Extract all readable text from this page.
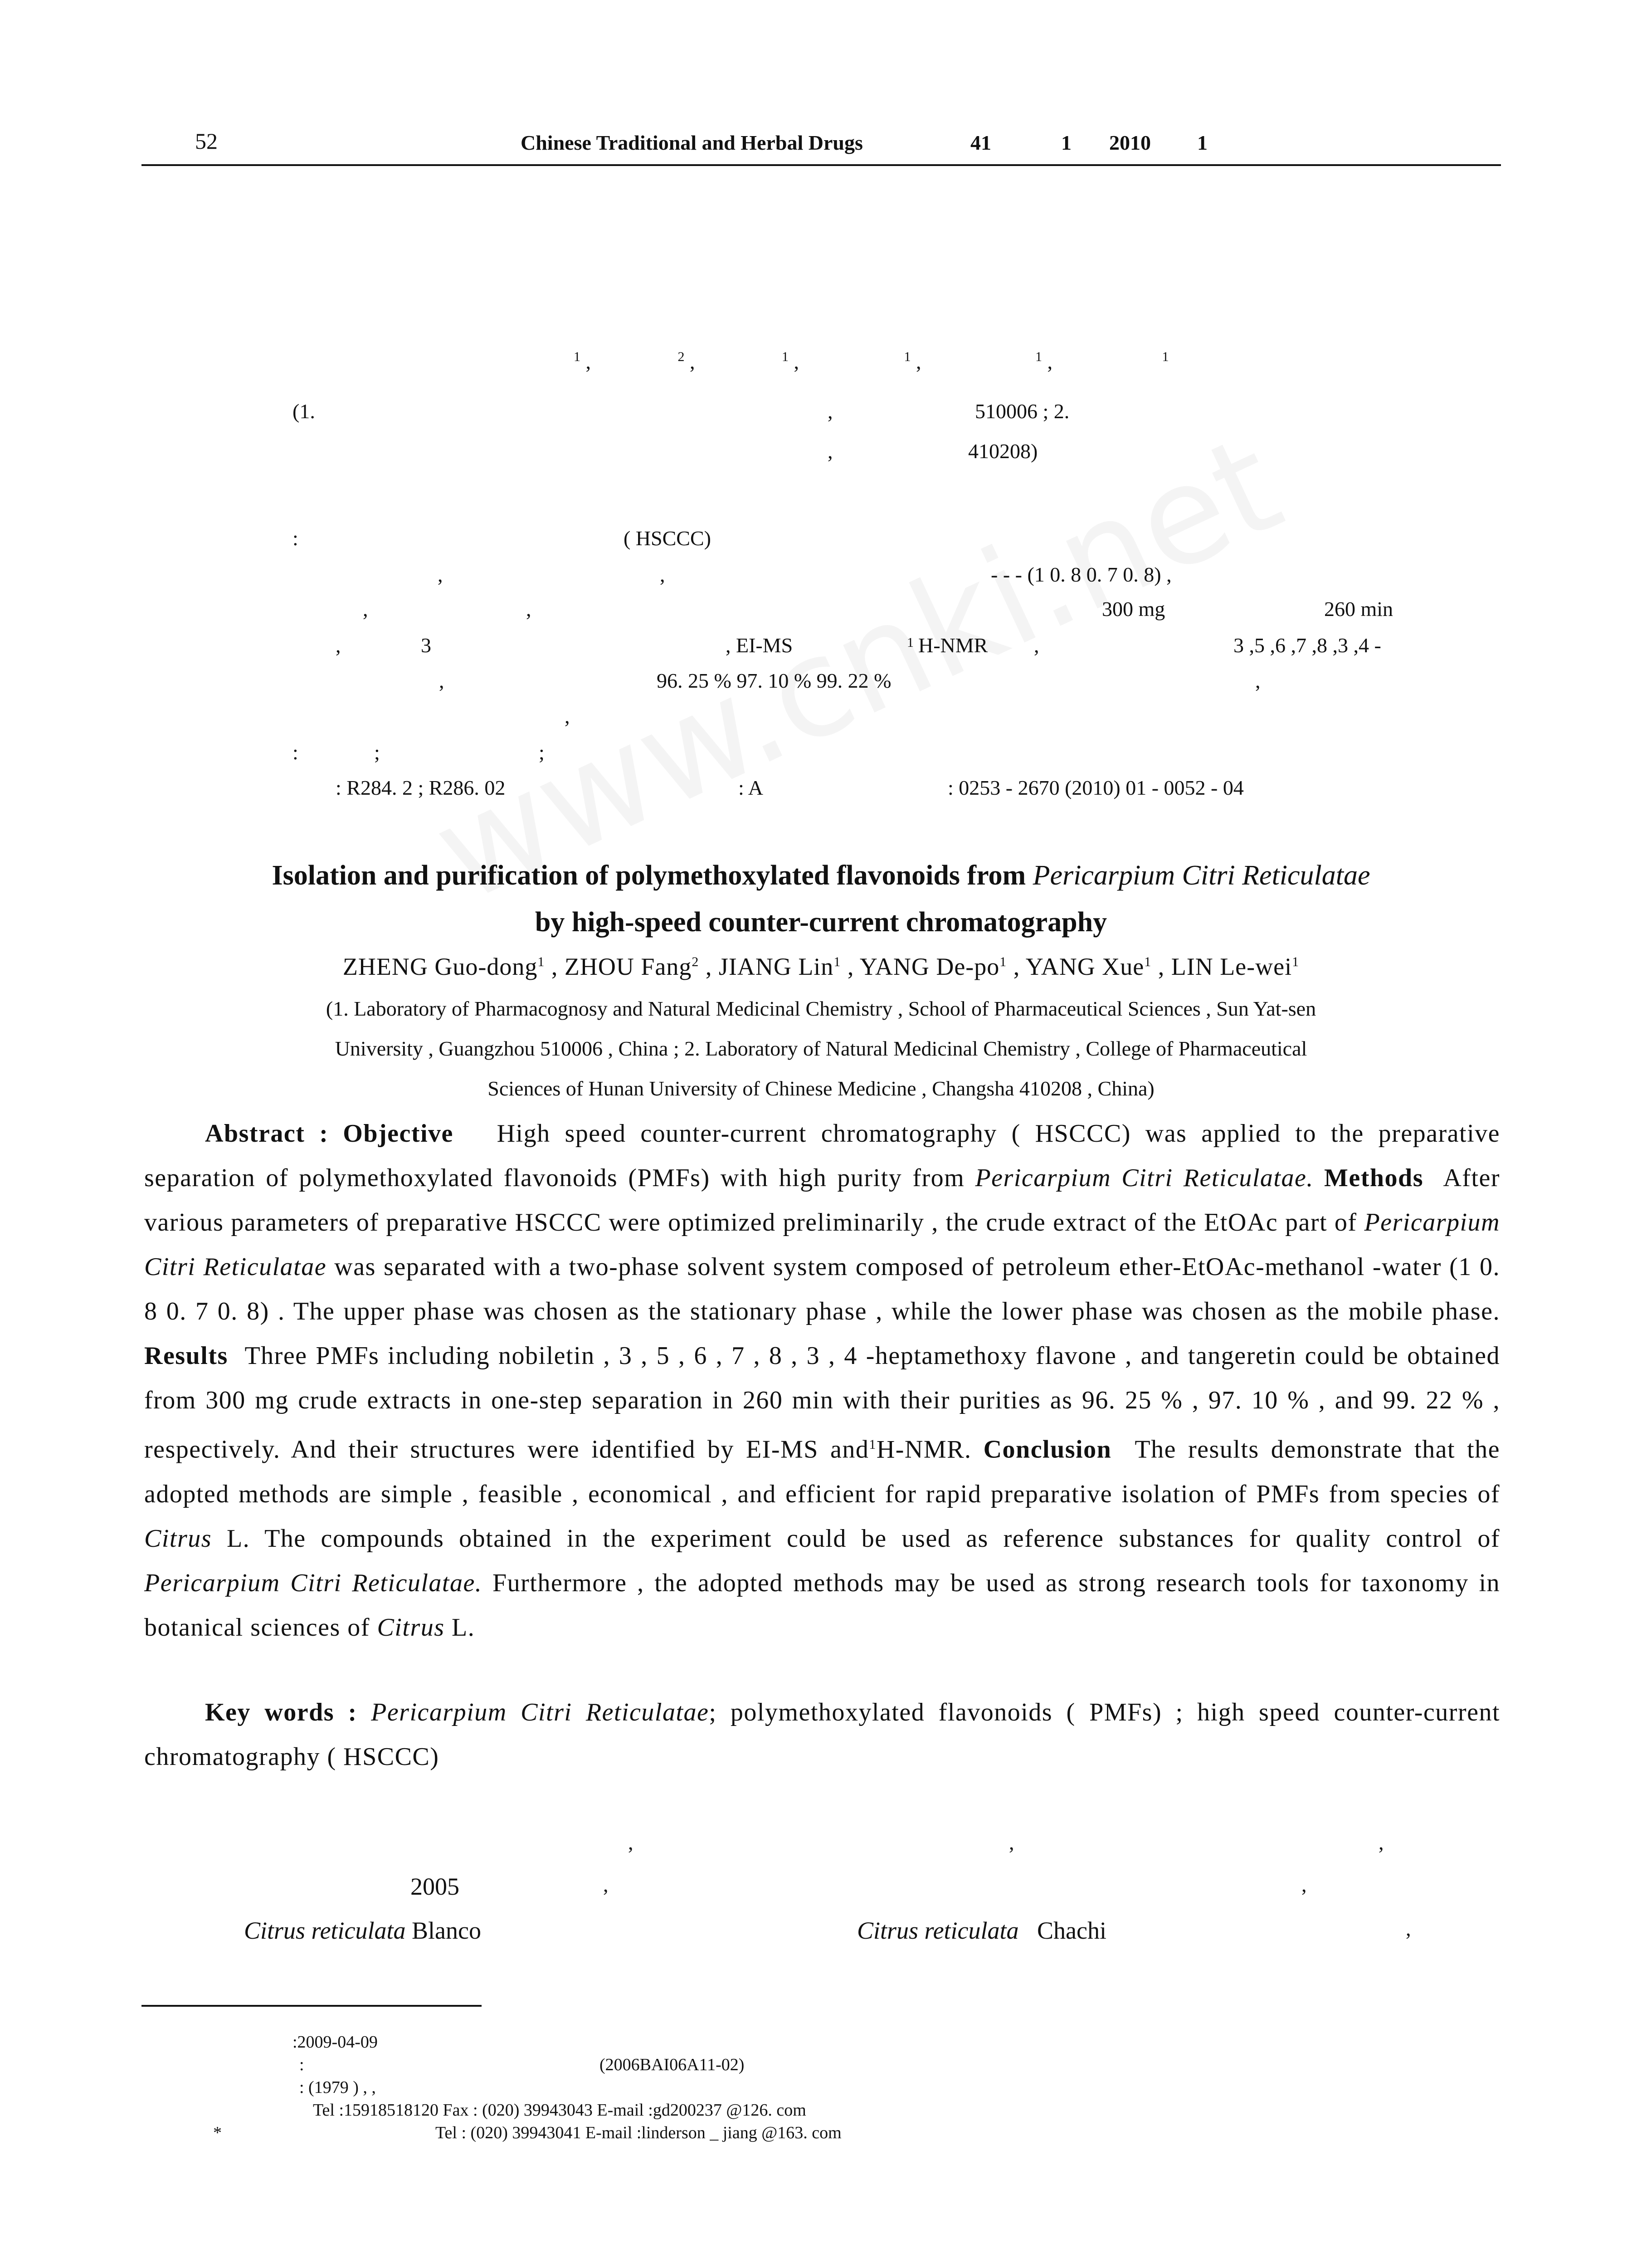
52	Chinese Traditional and Herbal Drugs	41	1 2010 1
$^1$ ,	$^2$ ,	$^1$ ,	$^1$ ,	$^1$ ,	$^1$
(1.	,	510006 ; 2.
,	410208)
:	( HSCCC)
,	,	- - - (1 0. 8 0. 7 0. 8) ,
,	,	300 mg	260 min
,	3	, EI-MS	1 H-NMR ,	3 ,5 ,6 ,7 ,8 ,3 ,4 -
,	96. 25 % 97. 10 % 99. 22 %	,
,
:	;	;
: R284. 2 ; R286. 02	: A	: 0253 - 2670 (2010) 01 - 0052 - 04
Isolation and purification of polymethoxylated flavonoids from Pericarpium Citri Reticulatae
by high-speed counter-current chromatography
ZHENG Guo-dong$^1$ , ZHOU Fang$^2$ , JIANG Lin$^1$ , YANG $De-po^1$ , YANG Xue$^1$ , LIN Le-wei$^1$
(1. Laboratory of Pharmacognosy and Natural Medicinal Chemistry , School of Pharmaceutical Sciences , Sun Yat-sen
University , Guangzhou 510006 , China ; 2. Laboratory of Natural Medicinal Chemistry , College of Pharmaceutical
Sciences of Hunan University of Chinese Medicine , Changsha 410208 , China)
Abstract : Objective High speed counter-current chromatography ( HSCCC) was applied to the preparative separation of polymethoxylated flavonoids (PMFs) with high purity from Pericarpium Citri Reticulatae. Methods After various parameters of preparative HSCCC were optimized preliminarily , the crude extract of the EtOAc part of Pericarpium Citri Reticulatae was separated with a two-phase solvent system composed of petroleum ether-EtOAc-methanol -water (1 0. 8 0. 7 0. 8) . The upper phase was chosen as the stationary phase , while the lower phase was chosen as the mobile phase. Results Three PMFs including nobiletin , 3 , 5 , 6 , 7 , 8 , 3 , 4 -heptamethoxy flavone , and tangeretin could be obtained from 300 mg crude extracts in one-step separation in 260 min with their purities as 96. 25 % , 97. 10 % , and 99. 22 % , respectively. And their structures were identified by EI-MS and$^1$H-NMR. Conclusion The results demonstrate that the adopted methods are simple , feasible , economical , and efficient for rapid preparative isolation of PMFs from species of Citrus L. The compounds obtained in the experiment could be used as reference substances for quality control of Pericarpium Citri Reticulatae. Furthermore , the adopted methods may be used as strong research tools for taxonomy in botanical sciences of Citrus L.
Key words : Pericarpium Citri Reticulatae; polymethoxylated flavonoids ( PMFs) ; high speed counter-current chromatography ( HSCCC)
,	,	,
2005	,	,
Citrus reticulata Blanco	Citrus reticulata Chachi	,
:2009-04-09
:	(2006BAI06A11-02)
: (1979 ) , ,
Tel :15918518120 Fax : (020) 39943043 E-mail :gd200237 @126. com
*	Tel : (020) 39943041 E-mail :linderson _ jiang @163. com
